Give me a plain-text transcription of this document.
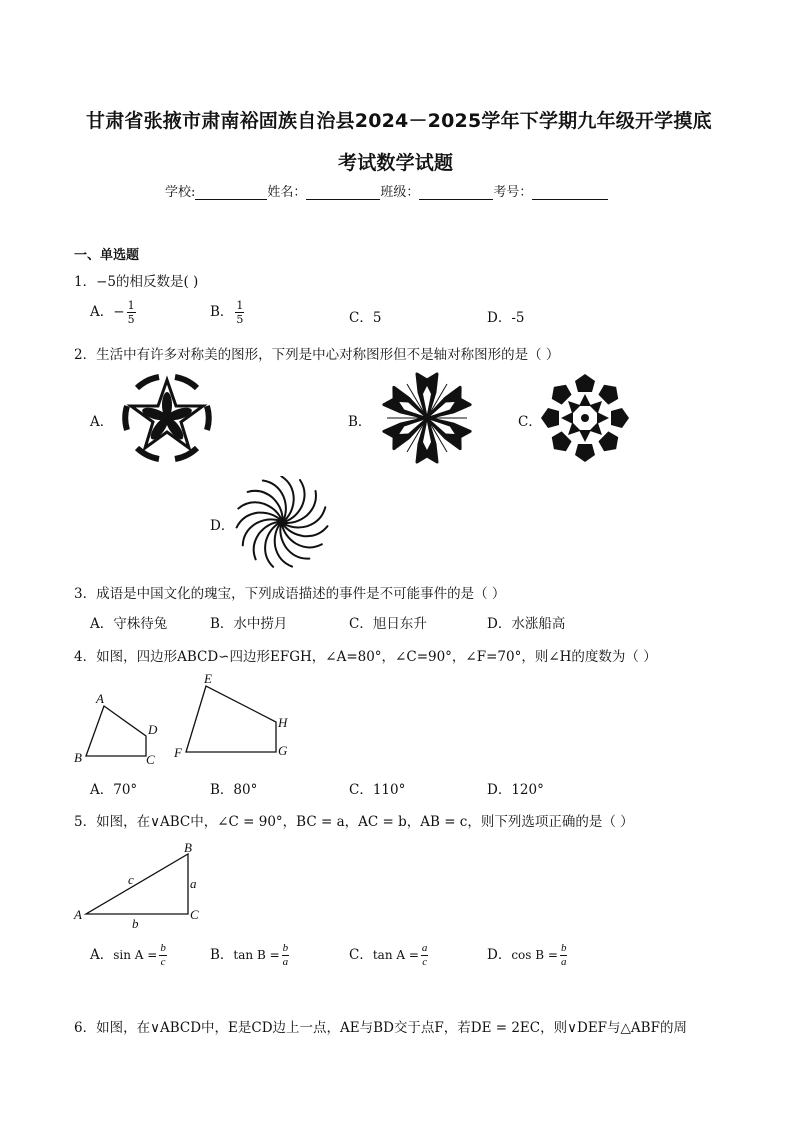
甘肃省张掖市肃南裕固族自治县2024－2025学年下学期九年级开学摸底
考试数学试题
学校:	姓名：	班级：	考号：
一、单选题
1．−5的相反数是( )
A．− $\frac{1}{5}$	B． $\frac{1}{5}$	C．5	D．-5
2．生活中有许多对称美的图形，下列是中心对称图形但不是轴对称图形的是（ ）
A．	B．	C．
D．
3．成语是中国文化的瑰宝，下列成语描述的事件是不可能事件的是（ ）
A．守株待兔	B．水中捞月	C．旭日东升	D．水涨船高
4．如图，四边形ABCD∽四边形EFGH，∠A=80°，∠C=90°，∠F=70°，则∠H的度数为（ ）
A
B	C
D
E
F	G
H
A．70°	B．80°	C．110°	D．120°
5．如图，在∨ABC中，∠C = 90°，BC = a，AC = b，AB = c，则下列选项正确的是（ ）
A
B
C
a
b
c
A．$\sin A = \frac{b}{c}$	B．$\tan B = \frac{b}{a}$	C．$\tan A = \frac{a}{c}$	D．$\cos B = \frac{b}{a}$
6．如图，在∨ABCD中，E是CD边上一点，AE与BD交于点F，若DE = 2EC，则∨DEF与△ABF的周
